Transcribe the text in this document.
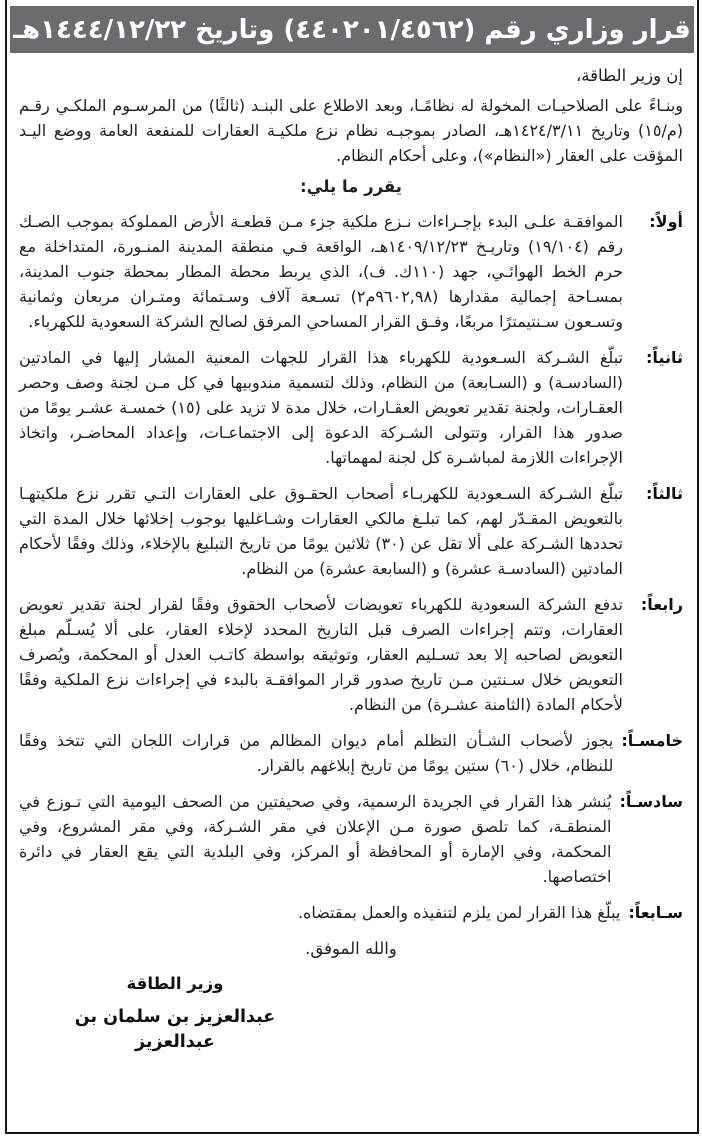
قرار وزاري رقم (٤٤٠٢٠١/٤٥٦٢) وتاريخ ١٤٤٤/١٢/٢٢هـ

إن وزير الطاقة،

وبنـاءً على الصلاحيـات المخولة له نظامًـا، وبعد الاطلاع على البنـد (ثالثًا) من المرسـوم الملكـي رقـم (م/١٥) وتاريخ ١٤٢٤/٣/١١هـ، الصادر بموجبـه نظام نزع ملكيـة العقارات للمنفعة العامة ووضع اليـد المؤقت على العقار («النظام»)، وعلى أحكام النظام.

يقرر ما يلي:

أولاً:
الموافقـة علـى البدء بإجـراءات نـزع ملكية جزء مـن قطعـة الأرض المملوكة بموجب الصـك رقم (١٩/١٠٤) وتاريـخ ١٤٠٩/١٢/٢٣هـ، الواقعة فـي منطقة المدينة المنـورة، المتداخلة مع حرم الخط الهوائـي، جهد (١١٠ك. ف)، الذي يربط محطة المطار بمحطة جنوب المدينة، بمسـاحة إجمالية مقدارها (٩٦٠٢,٩٨م٢) تسـعة آلاف وسـتمائة ومتـران مربعان وثمانية وتسـعون سـنتيمترًا مربعًا، وفـق القرار المساحي المرفق لصالح الشركة السعودية للكهرباء.
ثانياً:
تبلّغ الشـركة السـعودية للكهرباء هذا القرار للجهات المعنية المشار إليها في المادتين (السادسـة) و (السـابعة) من النظام، وذلك لتسمية مندوبيها في كل مـن لجنة وصف وحصر العقـارات، ولجنة تقدير تعويض العقـارات، خلال مدة لا تزيد على (١٥) خمسـة عشـر يومًا من صدور هذا القرار، وتتولى الشـركة الدعوة إلى الاجتماعـات، وإعداد المحاضـر، واتخاذ الإجراءات اللازمة لمباشـرة كل لجنة لمهماتها.
ثالثاً:
تبلّغ الشـركة السـعودية للكهربـاء أصحاب الحقـوق على العقارات التـي تقرر نزع ملكيتهـا بالتعويض المقـدّر لهم، كما تبلـغ مالكي العقارات وشـاغليها بوجوب إخلائها خلال المدة التي تحددها الشـركة على ألا تقل عن (٣٠) ثلاثين يومًا من تاريخ التبليغ بالإخلاء، وذلك وفقًا لأحكام المادتين (السادسـة عشرة) و (السابعة عشرة) من النظام.
رابعاً:
تدفع الشركة السعودية للكهرباء تعويضات لأصحاب الحقوق وفقًا لقرار لجنة تقدير تعويض العقارات، وتتم إجراءات الصرف قبل التاريخ المحدد لإخلاء العقار، على ألا يُسـلّم مبلغ التعويض لصاحبه إلا بعد تسـليم العقار، وتوثيقه بواسطة كاتـب العدل أو المحكمة، ويُصرف التعويض خلال سـنتين مـن تاريخ صدور قرار الموافقـة بالبدء في إجراءات نزع الملكية وفقًا لأحكام المادة (الثامنة عشـرة) من النظام.
خامسـاً:
يجوز لأصحاب الشـأن التظلم أمام ديوان المظالم من قرارات اللجان التي تتخذ وفقًا للنظام، خلال (٦٠) ستين يومًا من تاريخ إبلاغهم بالقرار.
سادسـاً:
يُنشر هذا القرار في الجريدة الرسمية، وفي صحيفتين من الصحف اليومية التي تـوزع في المنطقـة، كما تلصق صورة مـن الإعلان في مقر الشـركة، وفي مقر المشروع، وفي المحكمة، وفي الإمارة أو المحافظة أو المركز، وفي البلدية التي يقع العقار في دائرة اختصاصها.
سـابعاً:
يبلّغ هذا القرار لمن يلزم لتنفيذه والعمل بمقتضاه.

والله الموفق.

وزير الطاقة
عبدالعزيز بن سلمان بن عبدالعزيز
